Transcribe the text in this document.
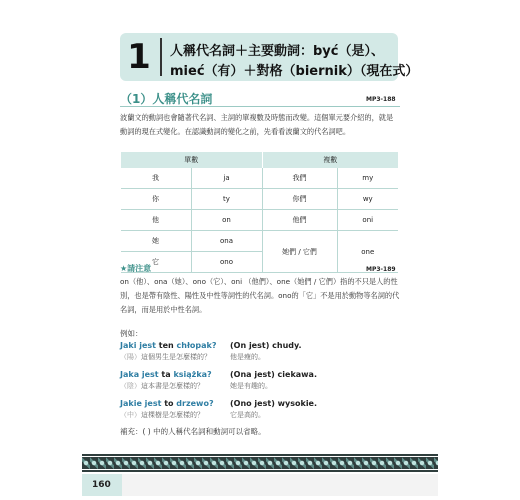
1 人稱代名詞＋主要動詞：być（是）、
mieć（有）＋對格（biernik）（現在式）
（1）人稱代名詞	MP3-188
波蘭文的動詞也會隨著代名詞、主詞的單複數及時態而改變。這個單元要介紹的，就是動詞的現在式變化。在認識動詞的變化之前，先看看波蘭文的代名詞吧。
單數		複數	
我	ja	我們	my
你	ty	你們	wy
他	on	他們	oni
她	ona	她們 / 它們	one
它	ono		
★請注意	MP3-189
on（他）、ona（她）、ono（它）、oni （他們）、one（她們 / 它們）指的不只是人的性別，也是帶有陰性、陽性及中性等詞性的代名詞。ono的「它」不是用於動物等名詞的代名詞，而是用於中性名詞。
例如：
Jaki jest ten chłopak? (On jest) chudy.
（陽）這個男生是怎麼樣的？	他是瘦的。
Jaka jest ta książka? (Ona jest) ciekawa.
（陰）這本書是怎麼樣的？	她是有趣的。
Jakie jest to drzewo? (Ono jest) wysokie.
（中）這棵樹是怎麼樣的？	它是高的。
補充：( ) 中的人稱代名詞和動詞可以省略。
160
